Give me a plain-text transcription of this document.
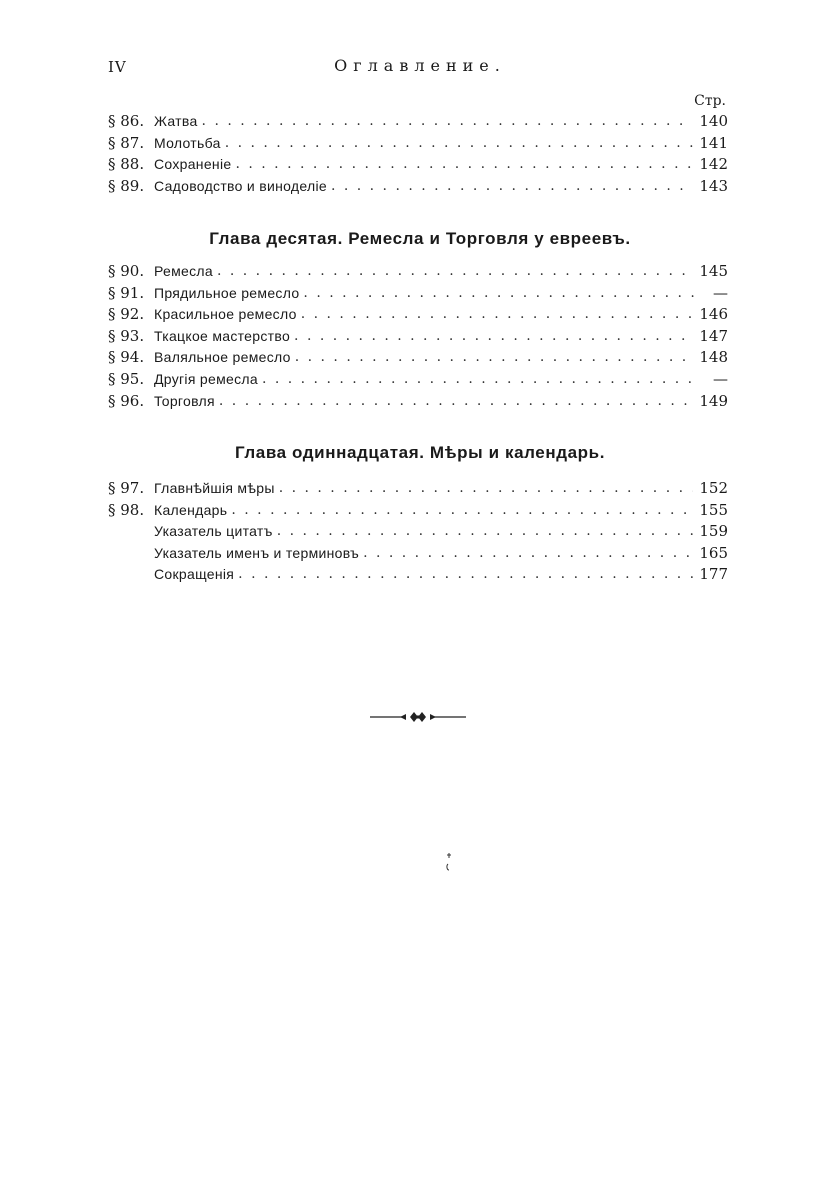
IV	Оглавление.
Стр.
§ 86. Жатва . . .	140
§ 87. Молотьба . . .	141
§ 88. Сохраненiе . . .	142
§ 89. Садоводство и виноделiе . . .	143
Глава десятая. Ремесла и Торговля у евреевъ.
§ 90. Ремесла . . .	145
§ 91. Прядильное ремесло . . .	—
§ 92. Красильное ремесло . . .	146
§ 93. Ткацкое мастерство . . .	147
§ 94. Валяльное ремесло . . .	148
§ 95. Другiя ремесла . . .	—
§ 96. Торговля . . .	149
Глава одиннадцатая. Мѣры и календарь.
§ 97. Главнѣйшiя мѣры . . .	152
§ 98. Календарь . . .	155
Указатель цитатъ . . .	159
Указатель именъ и терминовъ . . .	165
Сокращенiя . . .	177
